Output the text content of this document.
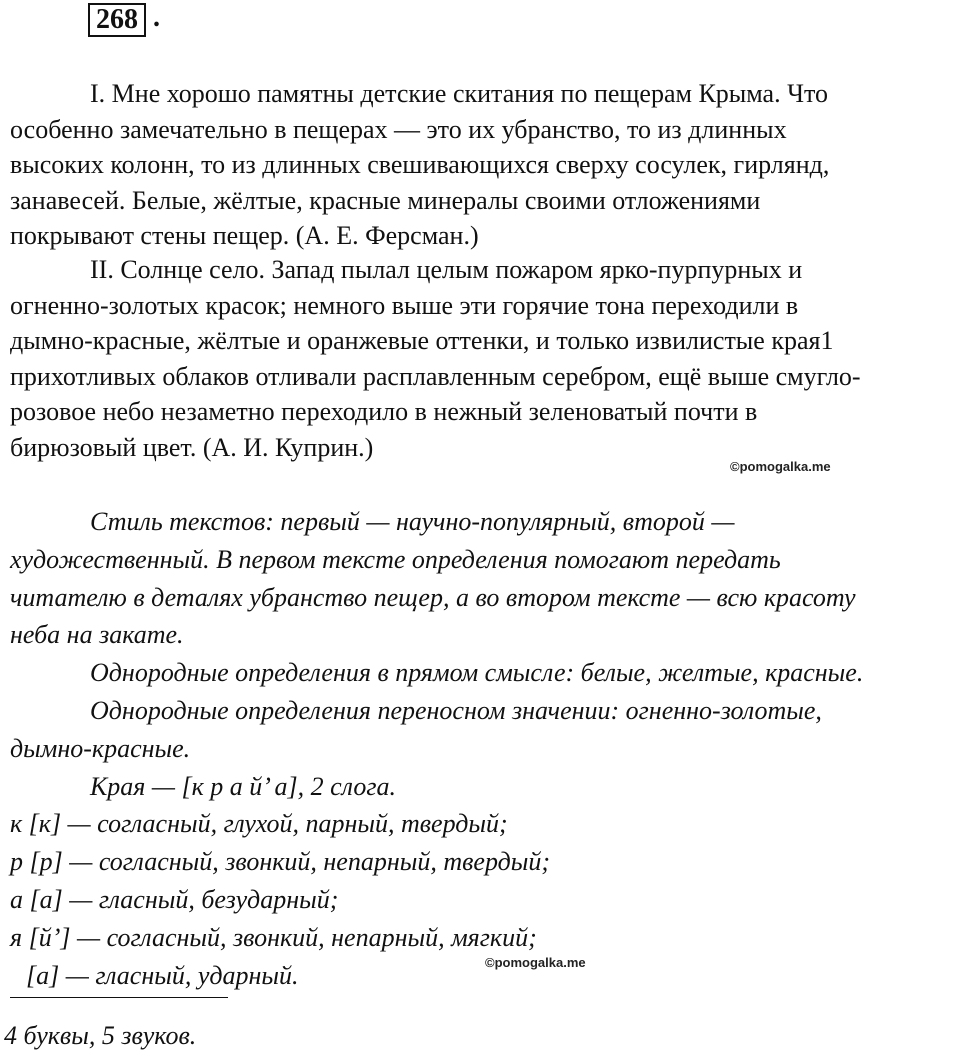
268 .
I. Мне хорошо памятны детские скитания по пещерам Крыма. Что
особенно замечательно в пещерах — это их убранство, то из длинных
высоких колонн, то из длинных свешивающихся сверху сосулек, гирлянд,
занавесей. Белые, жёлтые, красные минералы своими отложениями
покрывают стены пещер. (А. Е. Ферсман.)
II. Солнце село. Запад пылал целым пожаром ярко-пурпурных и
огненно-золотых красок; немного выше эти горячие тона переходили в
дымно-красные, жёлтые и оранжевые оттенки, и только извилистые края1
прихотливых облаков отливали расплавленным серебром, ещё выше смугло-
розовое небо незаметно переходило в нежный зеленоватый почти в
бирюзовый цвет. (А. И. Куприн.)
©pomogalka.me
Стиль текстов: первый — научно-популярный, второй —
художественный. В первом тексте определения помогают передать
читателю в деталях убранство пещер, а во втором тексте — всю красоту
неба на закате.
Однородные определения в прямом смысле: белые, желтые, красные.
Однородные определения переносном значении: огненно-золотые,
дымно-красные.
Края — [к р а й’ а], 2 слога.
к [к] — согласный, глухой, парный, твердый;
р [р] — согласный, звонкий, непарный, твердый;
а [а] — гласный, безударный;
я [й’] — согласный, звонкий, непарный, мягкий;
[а] — гласный, ударный.	©pomogalka.me
4 буквы, 5 звуков.
